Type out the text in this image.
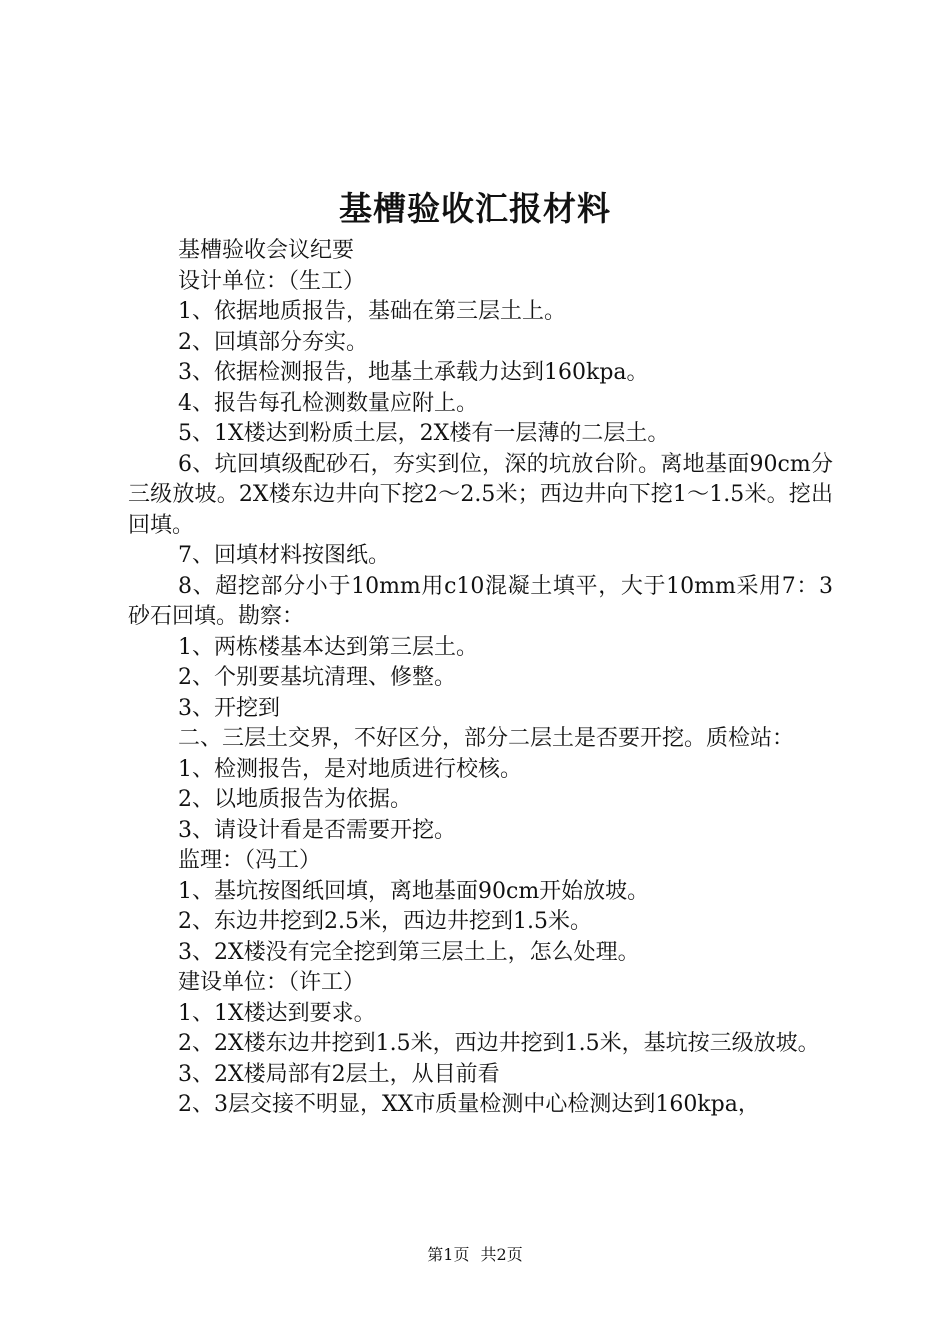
基槽验收汇报材料

基槽验收会议纪要

设计单位：（生工）

1、依据地质报告，基础在第三层土上。

2、回填部分夯实。

3、依据检测报告，地基土承载力达到160kpa。

4、报告每孔检测数量应附上。

5、1X楼达到粉质土层，2X楼有一层薄的二层土。

6、坑回填级配砂石，夯实到位，深的坑放台阶。离地基面90cm分三级放坡。2X楼东边井向下挖2～2.5米；西边井向下挖1～1.5米。挖出回填。

7、回填材料按图纸。

8、超挖部分小于10mm用c10混凝土填平，大于10mm采用7：3砂石回填。勘察：

1、两栋楼基本达到第三层土。

2、个别要基坑清理、修整。

3、开挖到

二、三层土交界，不好区分，部分二层土是否要开挖。质检站：

1、检测报告，是对地质进行校核。

2、以地质报告为依据。

3、请设计看是否需要开挖。

监理：（冯工）

1、基坑按图纸回填，离地基面90cm开始放坡。

2、东边井挖到2.5米，西边井挖到1.5米。

3、2X楼没有完全挖到第三层土上，怎么处理。

建设单位：（许工）

1、1X楼达到要求。

2、2X楼东边井挖到1.5米，西边井挖到1.5米，基坑按三级放坡。

3、2X楼局部有2层土，从目前看

2、3层交接不明显，XX市质量检测中心检测达到160kpa，

第1页 共2页
